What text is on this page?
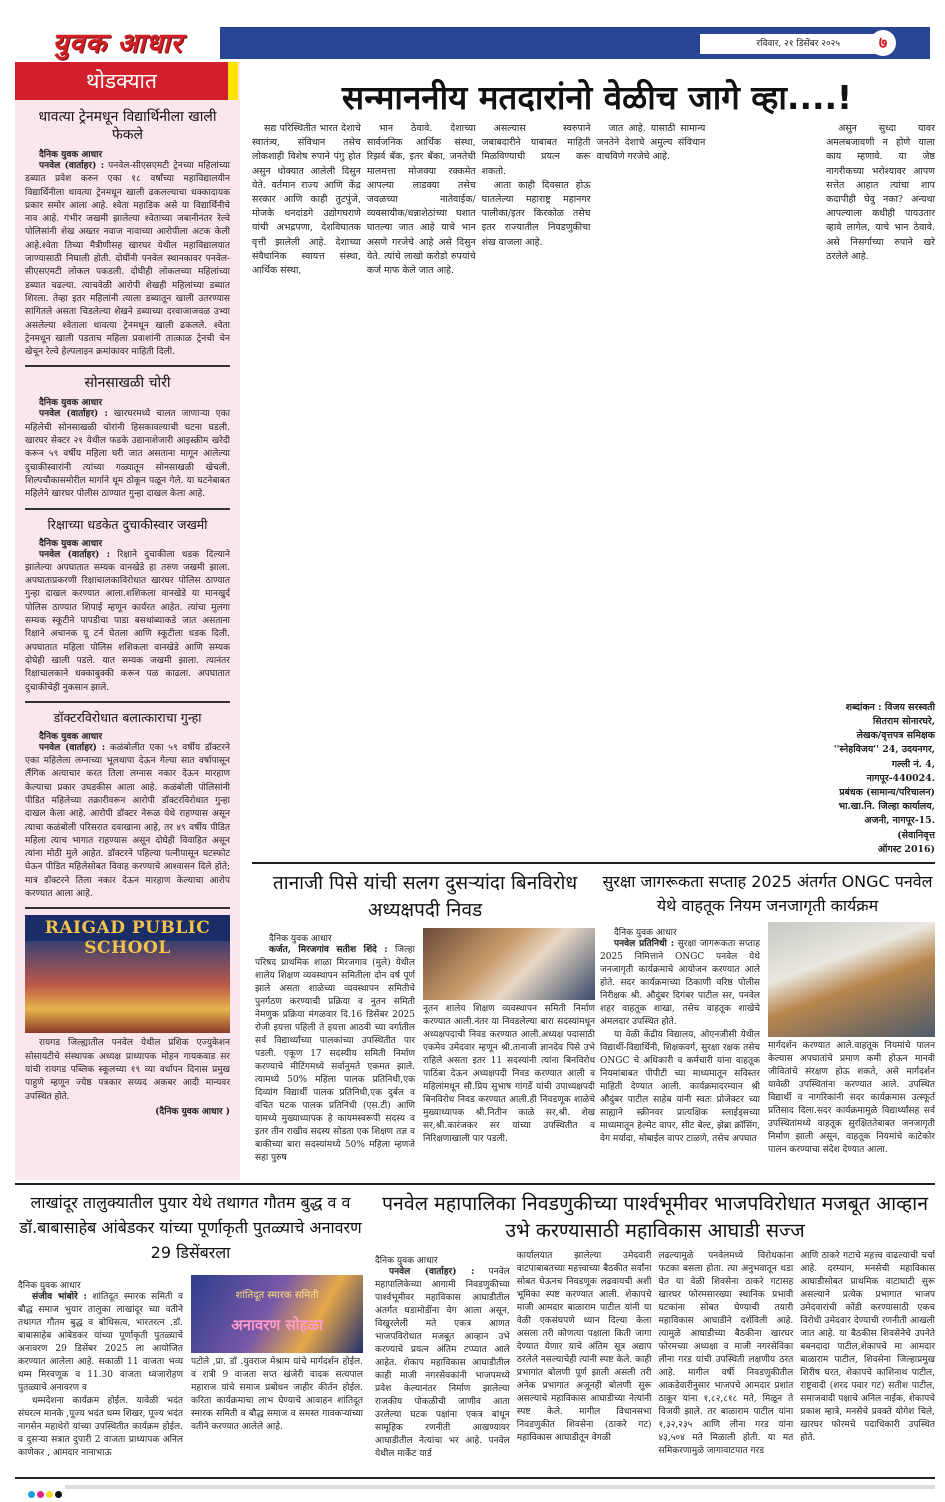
युवक आधार	रविवार, २१ डिसेंबर २०२५	७
थोडक्यात
धावत्या ट्रेनमधून विद्यार्थिनीला खाली फेकले
दैनिक युवक आधार

पनवेल (वार्ताहर) : पनवेल-सीएसएमटी ट्रेनच्या महिलांच्या डब्यात प्रवेश करुन एका १८ वर्षांच्या महाविद्यालयीन विद्यार्थिनीला धावत्या ट्रेनमधून खाली ढकलल्याचा धक्कादायक प्रकार समोर आला आहे. श्वेता महाडिक असे या विद्यार्थिनीचे नाव आहे. गंभीर जखमी झालेल्या श्वेताच्या जबानीनंतर रेल्वे पोलिसांनी शेख अख्तर नवाज नावाच्या आरोपीला अटक केली आहे.श्वेता तिच्या मैत्रीणीसह खारघर येथील महाविद्यालयात जाण्यासाठी निघाली होती. दोघींनी पनवेल स्थानकावर पनवेल-सीएसएमटी लोकल पकडली. दोघीही लोकलच्या महिलांच्या डब्यात चढल्या. त्याचवेळी आरोपी शेखही महिलांच्या डब्यात शिरला. तेव्हा इतर महिलांनी त्याला डब्यातून खाली उतरण्यास सांगितले असता चिडलेल्या शेखने डब्याच्या दरवाजाजवळ उभ्या असलेल्या श्वेताला धावत्या ट्रेनमधून खाली ढकलले. श्वेता ट्रेनमधून खाली पडताच महिला प्रवाशांनी तात्काळ ट्रेनची चेन खेचून रेल्वे हेल्पलाइन क्रमांकावर माहिती दिली.

सोनसाखळी चोरी
दैनिक युवक आधार

पनवेल (वार्ताहर) : खारघरमध्ये चालत जाणाऱ्या एका महिलेची सोनसाखळी चोरांनी हिसकावल्याची घटना घडली. खारघर सेक्टर २१ येथील फडके उद्यानाशेजारी आइस्क्रीम खरेदी करून ५९ वर्षीय महिला घरी जात असताना मागून आलेल्या दुचाकीस्वारांनी त्यांच्या गळ्यातून सोनसाखळी खेचली. शिल्पचौकासमोरील मार्गाने धूम ठोकून पळून गेले. या घटनेबाबत महिलेने खारघर पोलीस ठाण्यात गुन्हा दाखल केला आहे.

रिक्षाच्या धडकेत दुचाकीस्वार जखमी
दैनिक युवक आधार

पनवेल (वार्ताहर) : रिक्षाने दुचाकीला धडक दिल्याने झालेल्या अपघातात सम्यक वानखेडे हा तरुण जखमी झाला. अपघाताप्रकरणी रिक्षाचालकाविरोधात खारघर पोलिस ठाण्यात गुन्हा दाखल करण्यात आला.शशिकला वानखेडे या मानखुर्द पोलिस ठाण्यात शिपाई म्हणून कार्यरत आहेत. त्यांचा मुलगा सम्यक स्कूटीने पापडीचा पाडा बसथांब्याकडे जात असताना रिक्षाने अचानक यू टर्न घेतला आणि स्कूटीला धडक दिली. अपघातात महिला पोलिस शशिकला वानखेडे आणि सम्यक दोघेही खाली पडले. यात सम्यक जखमी झाला. त्यानंतर रिक्षाचालकाने धक्काबुक्की करून पळ काढला. अपघातात दुचाकीचेही नुकसान झाले.

डॉक्टरविरोधात बलात्काराचा गुन्हा
दैनिक युवक आधार

पनवेल (वार्ताहर) : कळंबोलीत एका ५९ वर्षीय डॉक्टरने एका महिलेला लग्नाच्या भूलथापा देऊन गेल्या सात वर्षापासून लैंगिक अत्याचार करत तिला लग्नास नकार देऊन मारहाण केल्याचा प्रकार उघडकीस आला आहे. कळंबोली पोलिसांनी पीडित महिलेच्या तक्रारीवरून आरोपी डॉक्टरविरोधात गुन्हा दाखल केला आहे. आरोपी डॉक्टर नेरूळ येथे राहण्यास असून त्याचा कळंबोली परिसरात दवाखाना आहे, तर ४९ वर्षीय पीडित महिला त्याच भागात राहण्यास असून दोघेही विवाहित असून त्यांना मोठी मुले आहेत. डॉक्टरने पहिल्या पत्नीपासून घटस्फोट घेऊन पीडित महिलेसोबत विवाह करण्याचे आश्वासन दिले होते; मात्र डॉक्टरने तिला नकार देऊन मारहाण केल्याचा आरोप करण्यात आला आहे.

RAIGAD PUBLIC SCHOOL

रायगड जिल्ह्यातील पनवेल येथील प्रशिक एज्युकेशन सोसायटीचे संस्थापक अध्यक्ष प्राध्यापक मोहन गायकवाड सर यांची रायगड पब्लिक स्कूलच्या १९ व्या वर्धापन दिनास प्रमुख पाहुणे म्हणून ज्येष्ठ पत्रकार सय्यद अकबर आदी मान्यवर उपस्थित होते.

(दैनिक युवक आधार )
सन्माननीय मतदारांनो वेळीच जागे व्हा....!

सद्य परिस्थितीत भारत देशाचे स्वातंत्र्य, संविधान तसेच लोकशाही विशेष रुपाने पंगु होत असुन धोक्यात आलेली दिसुन येते. वर्तमान राज्य आणि केंद्र सरकार आणि काही तुटपुंजे, मोजके धनदांडगे उद्योगघराणे यांची अभद्रपणा, देशविघातक वृत्ती झालेली आहे. देशाच्या संवैधानिक स्वायत्त संस्था, आर्थिक संस्था,

भान ठेवावे. देशाच्या सार्वजनिक आर्थिक संस्था, रिझर्व बॅंक, इतर बॅंका, जनतेची मालमत्ता मोजक्या रक्कमेत आपल्या लाडक्या तसेच जवळच्या नातेवाईक/व्यवसायीक/धन्नाशेठांच्या घशात घातल्या जात आहे याचे भान असणे गरजेचे आहे असे दिसुन येते. त्यांचे लाखो करोडो रुपयांचे कर्ज माफ केले जात आहे.

असल्यास स्वरुपाने जबाबदारीने याबाबत माहिती मिळविण्याची प्रयत्न करू शकतो.

आता काही दिवसात होऊ घातलेल्या महाराष्ट्र महानगर पालीका/इतर किरकोळ तसेच इतर राज्यातील निवडणुकीचा शंख वाजला आहे.

जात आहे. यासाठी सामान्य जनतेने देशाचे अमुल्य संविधान वाचविणे गरजेचे आहे.

असुन सुध्दा यावर अमलबजावणी न होणे याला काय म्हणावे. या जेष्ठ नागरीकच्या भरोश्यावर आपण सत्तेत आहात त्यांचा शाप कदापीही घेवु नका? अन्यथा आपल्याला कधीही पायउतार व्हावे लागेल, याचे भान ठेवावे. असे निसर्गाच्या रुपाने खरे ठरलेले आहे.

शब्दांकन : विजय सरस्वती
सितराम सोनारघरे,
लेखक/वृत्तपत्र समिक्षक
''स्नेहविजय'' 24, उदयनगर,
गल्ली नं. 4, नागपूर-440024.
प्रबंधक (सामान्य/परिचालन)
भा.खा.नि. जिल्हा कार्यालय,
अजनी, नागपूर-15. (सेवानिवृत्त
ऑगस्ट 2016)
तानाजी पिसे यांची सलग दुसऱ्यांदा बिनविरोध अध्यक्षपदी निवड
दैनिक युवक आधार

कर्जत, मिरजगांव सतीश शिंदे : जिल्हा परिषद प्राथमिक शाळा मिरजगाव (मुले) येथील शालेय शिक्षण व्यवस्थापन समितीला दोन वर्ष पूर्ण झाले असता शाळेच्या व्यवस्थापन समितीचे पुनर्गठण करण्याची प्रक्रिया व नुतन समिती नेमणुक प्रक्रिया मंगळवार दि.16 डिसेंबर 2025 रोजी इयत्ता पहिली ते इयत्ता आठवी च्या वर्गातील सर्व विद्यार्थ्यांच्या पालकांच्या उपस्थितीत पार पडली. एकूण 17 सदस्यीय समिती निर्माण करण्याचे मीटिंगमध्ये सर्वानुमते एकमत झाले. त्यामध्ये 50% महिला पालक प्रतिनिधी,एक दिव्यांग विद्यार्थी पालक प्रतिनिधी,एक दुर्बल व वंचित घटक पालक प्रतिनिधी (एस.टी) आणि यामध्ये मुख्याध्यापक हे कायमस्वरूपी सदस्य व इतर तीन राखीव सदस्य सोडता एक शिक्षण तज्ञ व बाकीच्या बारा सदस्यांमध्ये 50% महिला म्हणजे सहा पुरुष

नूतन शालेय शिक्षण व्यवस्थापन समिती निर्माण करण्यात आली.नंतर या निवडलेल्या बारा सदस्यांमधून अध्यक्षपदाची निवड करण्यात आली.अध्यक्ष पदासाठी एकमेव उमेदवार म्हणून श्री.तानाजी ज्ञानदेव पिसे उभे राहिले असता इतर 11 सदस्यांनी त्यांना बिनविरोध पाठिंबा देऊन अध्यक्षपदी निवड करण्यात आली व महिलांमधून सौ.प्रिय सुभाष गांगर्डे यांची उपाध्यक्षपदी बिनविरोध निवड करण्यात आली.ही निवडणूक शाळेचे मुख्याध्यापक श्री.नितीन काळे सर,श्री. शेख सर,श्री.कारंजकर सर यांच्या उपस्थितीत व निरिक्षणाखाली पार पडली.

सुरक्षा जागरूकता सप्ताह 2025 अंतर्गत ONGC पनवेल येथे वाहतूक नियम जनजागृती कार्यक्रम
दैनिक युवक आधार

पनवेल प्रतिनिधी : सुरक्षा जागरूकता सप्ताह 2025 निमित्ताने ONGC पनवेल येथे जनजागृती कार्यक्रमाचे आयोजन करण्यात आले होते. सदर कार्यक्रमाच्या ठिकाणी वरिष्ठ पोलीस निरीक्षक श्री. औदुंबर दिगंबर पाटील सर, पनवेल शहर वाहतूक शाखा, तसेच वाहतूक शाखेचे अंमलदार उपस्थित होते.

या वेळी केंद्रीय विद्यालय, ओएनजीसी येथील विद्यार्थी-विद्यार्थिनी, शिक्षकवर्ग, सुरक्षा रक्षक तसेच ONGC चे अधिकारी व कर्मचारी यांना वाहतूक नियमांबाबत पीपीटी च्या माध्यमातून सविस्तर माहिती देण्यात आली. कार्यक्रमादरम्यान श्री औदुंबर पाटील साहेब यांनी स्वतः प्रोजेक्टर च्या साह्याने स्क्रीनवर प्रात्यक्षिक स्लाईड्सच्या माध्यमातून हेल्मेट वापर, सीट बेल्ट, झेब्रा क्रॉसिंग, वेग मर्यादा, मोबाईल वापर टाळणे, तसेच अपघात

मार्गदर्शन करण्यात आले.वाहतूक नियमांचे पालन केल्यास अपघातांचे प्रमाण कमी होऊन मानवी जीवितांचे संरक्षण होऊ शकते, असे मार्गदर्शन यावेळी उपस्थितांना करण्यात आले. उपस्थित विद्यार्थी व नागरिकांनी सदर कार्यक्रमास उत्स्फूर्त प्रतिसाद दिला.सदर कार्यक्रमामुळे विद्यार्थ्यांसह सर्व उपस्थितांमध्ये वाहतूक सुरक्षिततेबाबत जनजागृती निर्माण झाली असून, वाहतूक नियमांचे काटेकोर पालन करण्याचा संदेश देण्यात आला.

लाखांदूर तालुक्यातील पुयार येथे तथागत गौतम बुद्ध व व डॉ.बाबासाहेब आंबेडकर यांच्या पूर्णाकृती पुतळ्याचे अनावरण 29 डिसेंबरला
दैनिक युवक आधार

संजीव भांबोरे : शांतिदूत स्मारक समिती व बौद्ध समाज भुयार तालुका लाखांदूर च्या वतीने तथागत गौतम बुद्ध व बोधिसत्व, भारतरत्न ,डॉ. बाबासाहेब आंबेडकर यांच्या पूर्णाकृती पुतळ्याचे अनावरण 29 डिसेंबर 2025 ला आयोजित करण्यात आलेला आहे. सकाळी 11 वाजता भव्य धम्म मिरवणूक व 11.30 वाजता ध्वजारोहण पुतळ्याचे अनावरण व

धम्मदेशना कार्यक्रम होईल. यावेळी भदंत संघरत्न मानके ,पूज्य भदंत धम्म शिखर, पूज्य भदंत नागसेन महाथेरो यांच्या उपस्थितीत कार्यक्रम होईल. व दुसऱ्या सत्रात दुपारी 2 वाजता प्राध्यापक अनिल काणेकर , आमदार नानाभाऊ

शांतिदूत स्मारक समिती
अनावरण सोहळा

पटोले ,प्रा. डॉ .युवराज मेश्राम यांचे मार्गदर्शन होईल. व रात्री 9 वाजता सप्त खंजेरी वादक सत्यपाल महाराज यांचे समाज प्रबोधन जाहीर कीर्तन होईल. करिता कार्यक्रमाचा लाभ घेण्याचे आवाहन शांतिदूत स्मारक समिती व बौद्ध समाज व समस्त गावकऱ्यांच्या वतीने करण्यात आलेले आहे.

पनवेल महापालिका निवडणुकीच्या पार्श्वभूमीवर भाजपविरोधात मजबूत आव्हान उभे करण्यासाठी महाविकास आघाडी सज्ज
दैनिक युवक आधार

पनवेल (वार्ताहर) : पनवेल महापालिकेच्या आगामी निवडणुकीच्या पार्श्वभूमीवर महाविकास आघाडीतील अंतर्गत घडामोडींना वेग आला असून, विखुरलेली मते एकत्र आणत भाजपविरोधात मजबूत आव्हान उभे करण्याचे प्रयत्न अंतिम टप्प्यात आले आहेत. शेकाप महाविकास आघाडीतील काही माजी नगरसेवकांनी भाजपमध्ये प्रवेश केल्यानंतर निर्माण झालेल्या राजकीय पोकळीची जाणीव आता उरलेल्या घटक पक्षांना एकत्र बांधून सामूहिक रणनीती आखण्यावर आघाडीतील नेत्यांचा भर आहे. पनवेल येथील मार्केट यार्ड

कार्यालयात झालेल्या उमेदवारी वाटपाबाबतच्या महत्त्वाच्या बैठकीत सर्वांना सोबत घेऊनच निवडणूक लढवायची अशी भूमिका स्पष्ट करण्यात आली. शेकापचे माजी आमदार बाळाराम पाटील यांनी या वेळी एकसंघपणे ध्यान दिल्या केला असला तरी कोणत्या पक्षाला किती जागा देण्यात येणार याचे अंतिम सूत्र अद्याप ठरलेले नसल्याचेही त्यांनी स्पष्ट केले. काही प्रभागांत बोलणी पूर्ण झाली असली तरी अनेक प्रभागात अजूनही बोलणी सुरू असल्याचे महाविकास आघाडीच्या नेत्यांनी स्पष्ट केले. मागील विधानसभा निवडणुकीत शिवसेना (ठाकरे गट) महाविकास आघाडीतून वेगळी

लढल्यामुळे पनवेलमध्ये विरोधकांना फटका बसला होता. त्या अनुभवातून धडा घेत या वेळी शिवसेना ठाकरे गटासह खारघर फोरमसारख्या स्थानिक प्रभावी घटकांना सोबत घेण्याची तयारी महाविकास आघाडीने दर्शविली आहे. त्यामुळे आघाडीच्या बैठकीना खारघर फोरमच्या अध्यक्षा व माजी नगरसेविका लीना गरड यांची उपस्थिती लक्षणीय ठरत आहे. मागील वर्षी निवडणुकीतील आकडेवारीनुसार भाजपचे आमदार प्रशांत ठाकूर यांना १,८२,८१८ मते, मिळून ते विजयी झाले. तर बाळाराम पाटील यांना १,३२,२३५ आणि लीना गरड यांना ४३,५०४ मते मिळाली होती. या मत समिकरणामुळे जागावाटपात गरड

आणि ठाकरे गटाचे महत्त्व वाढल्याची चर्चा आहे. दरम्यान, मनसेची महाविकास आघाडीसोबत प्राथमिक वाटाघाटी सुरू असल्याने प्रत्येक प्रभागात भाजप उमेदवारांची कोंडी करण्यासाठी एकच विरोधी उमेदवार देण्याची रणनीती आखली जात आहे. या बैठकीस शिवसेनेचे उपनेते बबनदादा पाटील,शेकापचे मा आमदार बाळाराम पाटील, शिवसेना जिल्हाप्रमुख शिरीष घरत, शेकापचे काशिनाथ पाटील, राष्ट्रवादी (शरद पवार गट) सतीश पाटील, समाजवादी पक्षाचे अनिल नाईक, शेकापचे प्रकाश म्हात्रे, मनसेचे प्रवक्ते योगेश चिले, खारघर फोरमचे पदाधिकारी उपस्थित होते.
